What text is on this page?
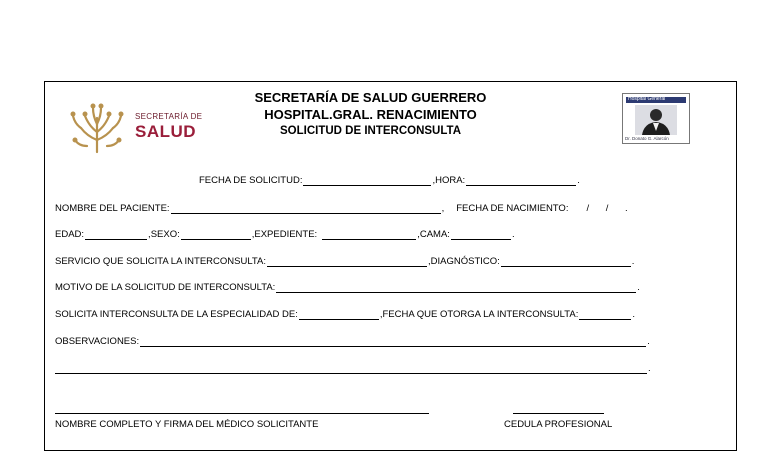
SECRETARÍA DE
SALUD
SECRETARÍA DE SALUD GUERRERO
HOSPITAL.GRAL. RENACIMIENTO
SOLICITUD DE INTERCONSULTA
Hospital General
Dr. Donato G. Alarcón
FECHA DE SOLICITUD:	, HORA:	.
NOMBRE DEL PACIENTE:	, FECHA DE NACIMIENTO: / / .
EDAD:	, SEXO:	, EXPEDIENTE:	, CAMA:	.
SERVICIO QUE SOLICITA LA INTERCONSULTA:	, DIAGNÓSTICO:	.
MOTIVO DE LA SOLICITUD DE INTERCONSULTA:	.
SOLICITA INTERCONSULTA DE LA ESPECIALIDAD DE:	, FECHA QUE OTORGA LA INTERCONSULTA:	.
OBSERVACIONES:	.
.
NOMBRE COMPLETO Y FIRMA DEL MÉDICO SOLICITANTE	CEDULA PROFESIONAL
